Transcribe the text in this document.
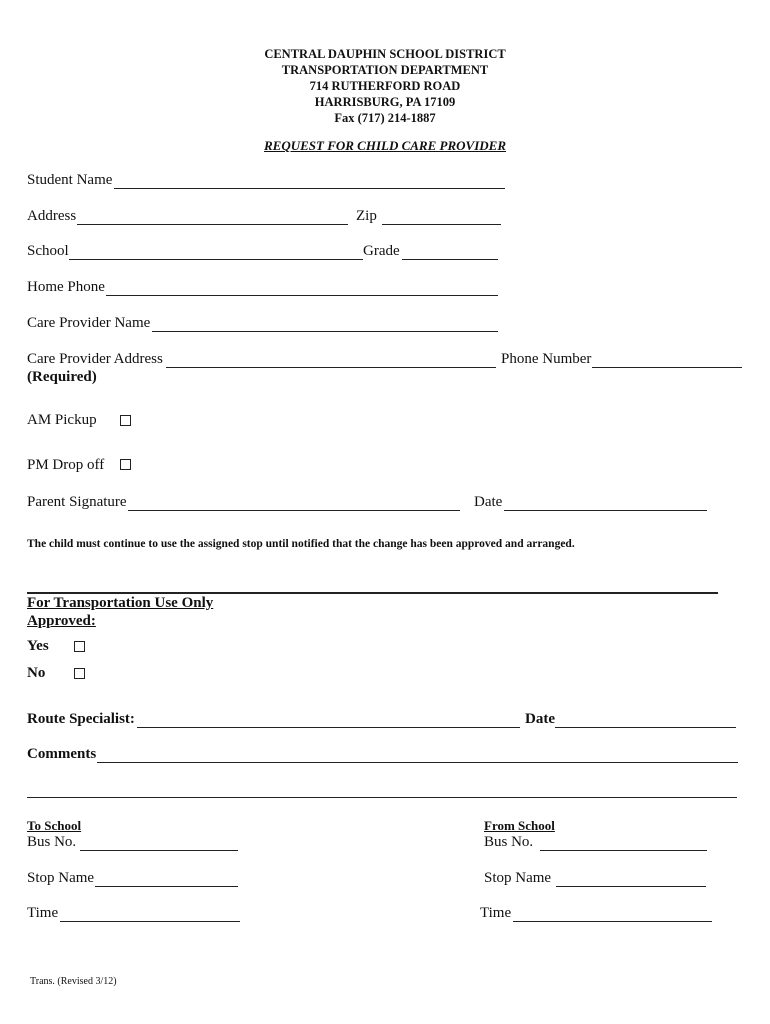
CENTRAL DAUPHIN SCHOOL DISTRICT
TRANSPORTATION DEPARTMENT
714 RUTHERFORD ROAD
HARRISBURG, PA 17109
Fax (717) 214-1887
REQUEST FOR CHILD CARE PROVIDER
Student Name
Address	Zip
School	Grade
Home Phone
Care Provider Name
Care Provider Address	Phone Number
(Required)
AM Pickup
PM Drop off
Parent Signature	Date
The child must continue to use the assigned stop until notified that the change has been approved and arranged.
For Transportation Use Only
Approved:
Yes
No
Route Specialist:	Date
Comments
To School
Bus No.
Stop Name
Time
From School
Bus No.
Stop Name
Time
Trans. (Revised 3/12)
